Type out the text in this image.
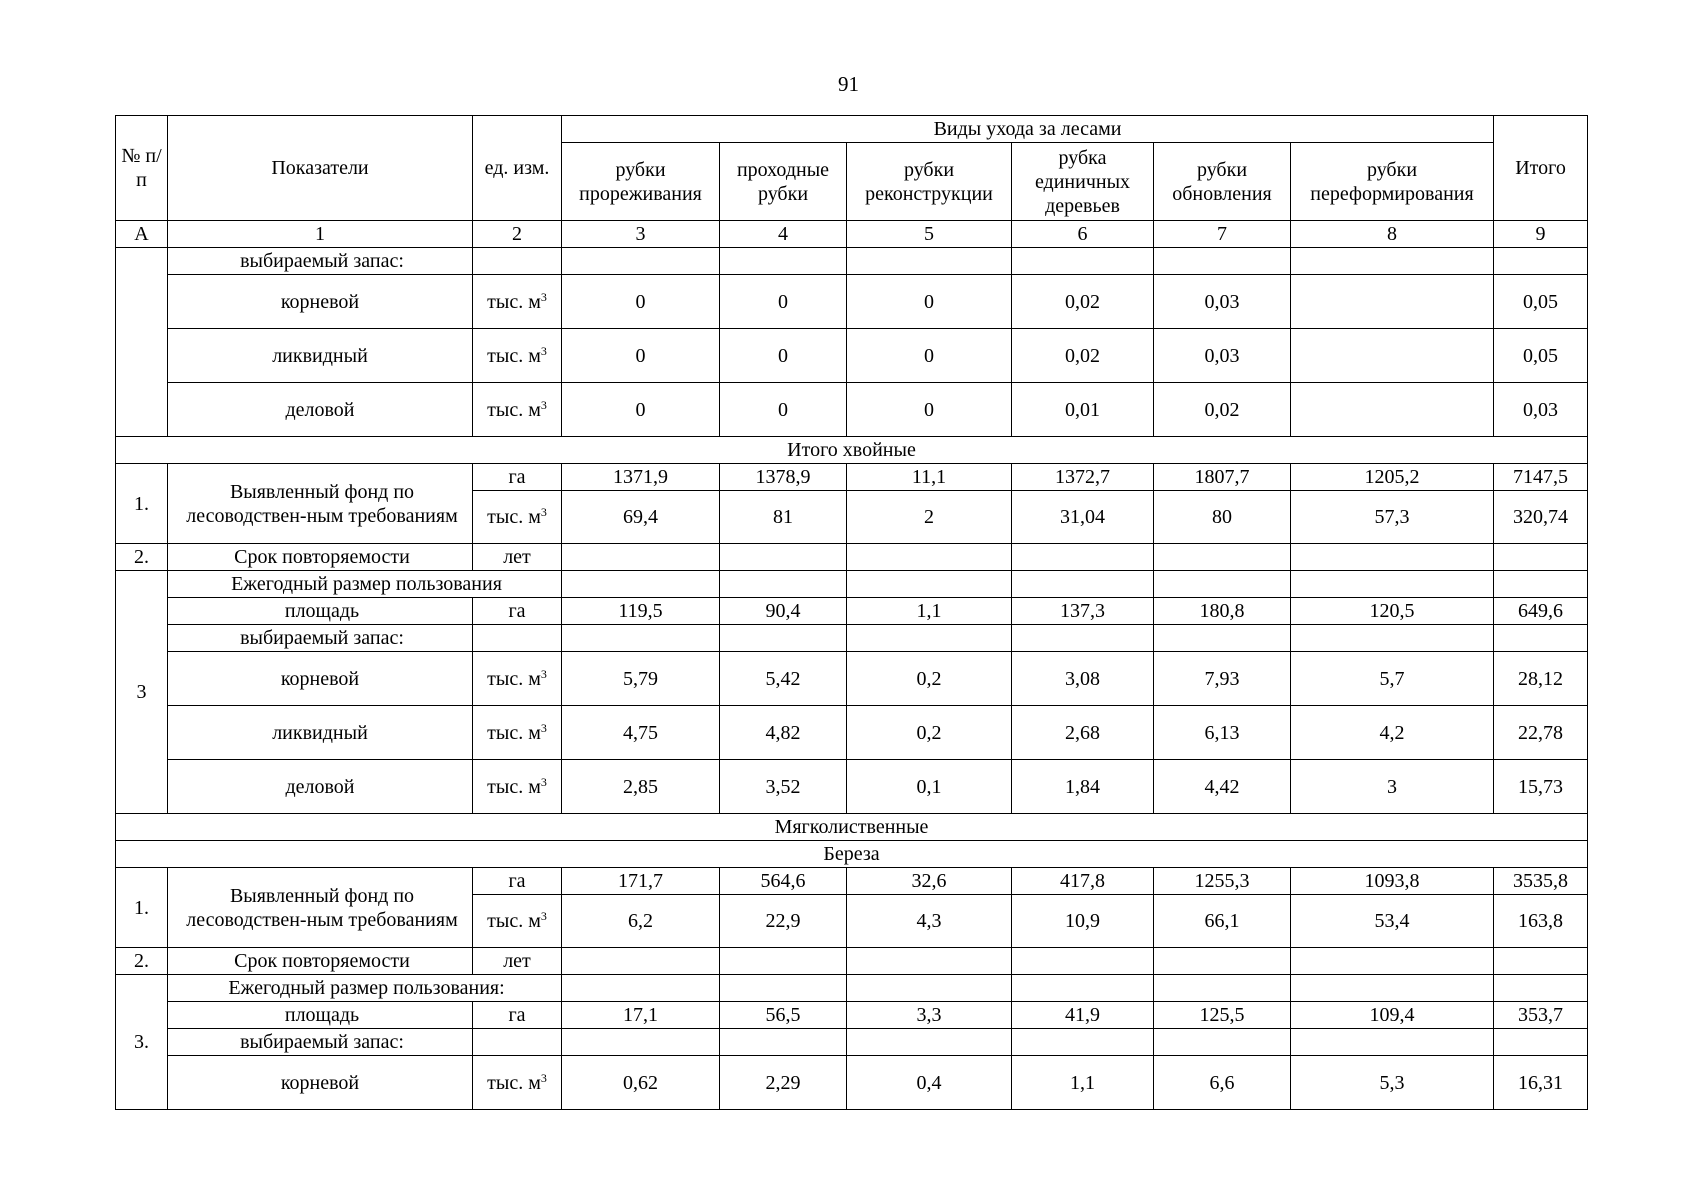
91
№ п/п	Показатели	ед. изм.	Виды ухода за лесами						Итого
			рубки прореживания	проходные рубки	рубки реконструкции	рубка единичных деревьев	рубки обновления	рубки переформирования	
А	1	2	3	4	5	6	7	8	9
	выбираемый запас:								
	корневой	тыс. $м^3$	0	0	0	0,02	0,03		0,05
	ликвидный	тыс. $м^3$	0	0	0	0,02	0,03		0,05
	деловой	тыс. $м^3$	0	0	0	0,01	0,02		0,03
Итого хвойные									
1.	Выявленный фонд по лесоводствен-ным требованиям	га	1371,9	1378,9	11,1	1372,7	1807,7	1205,2	7147,5
		тыс. $м^3$	69,4	81	2	31,04	80	57,3	320,74
2.	Срок повторяемости	лет							
3	Ежегодный размер пользования								
	площадь	га	119,5	90,4	1,1	137,3	180,8	120,5	649,6
	выбираемый запас:								
	корневой	тыс. $м^3$	5,79	5,42	0,2	3,08	7,93	5,7	28,12
	ликвидный	тыс. $м^3$	4,75	4,82	0,2	2,68	6,13	4,2	22,78
	деловой	тыс. $м^3$	2,85	3,52	0,1	1,84	4,42	3	15,73
Мягколиственные									
Береза									
1.	Выявленный фонд по лесоводствен-ным требованиям	га	171,7	564,6	32,6	417,8	1255,3	1093,8	3535,8
		тыс. $м^3$	6,2	22,9	4,3	10,9	66,1	53,4	163,8
2.	Срок повторяемости	лет							
3.	Ежегодный размер пользования:								
	площадь	га	17,1	56,5	3,3	41,9	125,5	109,4	353,7
	выбираемый запас:								
	корневой	тыс. $м^3$	0,62	2,29	0,4	1,1	6,6	5,3	16,31
